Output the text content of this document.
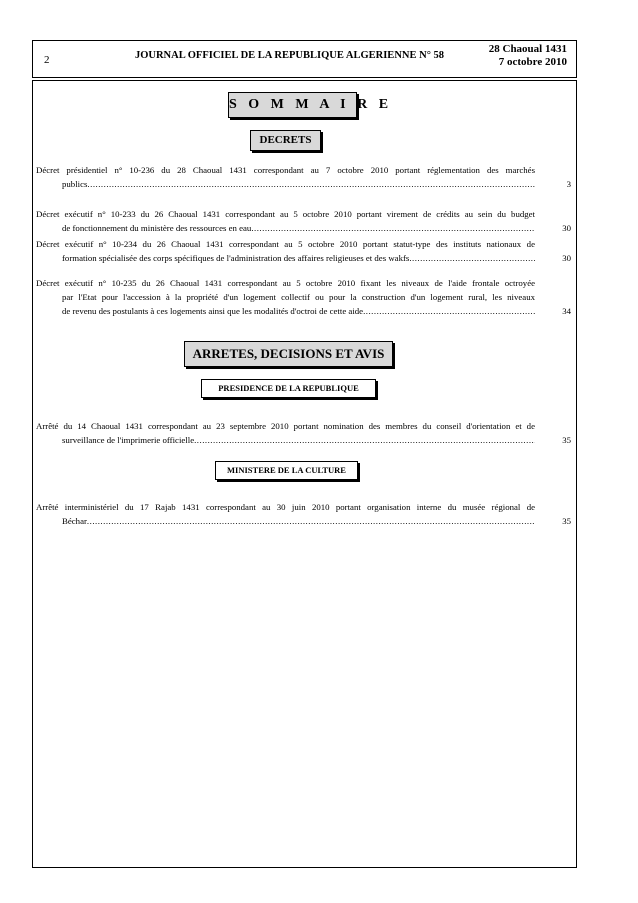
2	JOURNAL OFFICIEL DE LA REPUBLIQUE ALGERIENNE N° 58
28 Chaoual 1431
7 octobre 2010
S O M M A I R E
DECRETS
Décret présidentiel n° 10-236 du 28 Chaoual 1431 correspondant au 7 octobre 2010 portant réglementation des marchés
publics .....	3
Décret exécutif n° 10-233 du 26 Chaoual 1431 correspondant au 5 octobre 2010 portant virement de crédits au sein du budget
de fonctionnement du ministère des ressources en eau .....	30
Décret exécutif n° 10-234 du 26 Chaoual 1431 correspondant au 5 octobre 2010 portant statut-type des instituts nationaux de
formation spécialisée des corps spécifiques de l'administration des affaires religieuses et des wakfs .....	30
Décret exécutif n° 10-235 du 26 Chaoual 1431 correspondant au 5 octobre 2010 fixant les niveaux de l'aide frontale octroyée
par l'Etat pour l'accession à la propriété d'un logement collectif ou pour la construction d'un logement rural, les niveaux
de revenu des postulants à ces logements ainsi que les modalités d'octroi de cette aide .....	34
ARRETES, DECISIONS ET AVIS
PRESIDENCE DE LA REPUBLIQUE
Arrêté du 14 Chaoual 1431 correspondant au 23 septembre 2010 portant nomination des membres du conseil d'orientation et de
surveillance de l'imprimerie officielle .....	35
MINISTERE DE LA CULTURE
Arrêté interministériel du 17 Rajab 1431 correspondant au 30 juin 2010 portant organisation interne du musée régional de
Béchar .....	35
